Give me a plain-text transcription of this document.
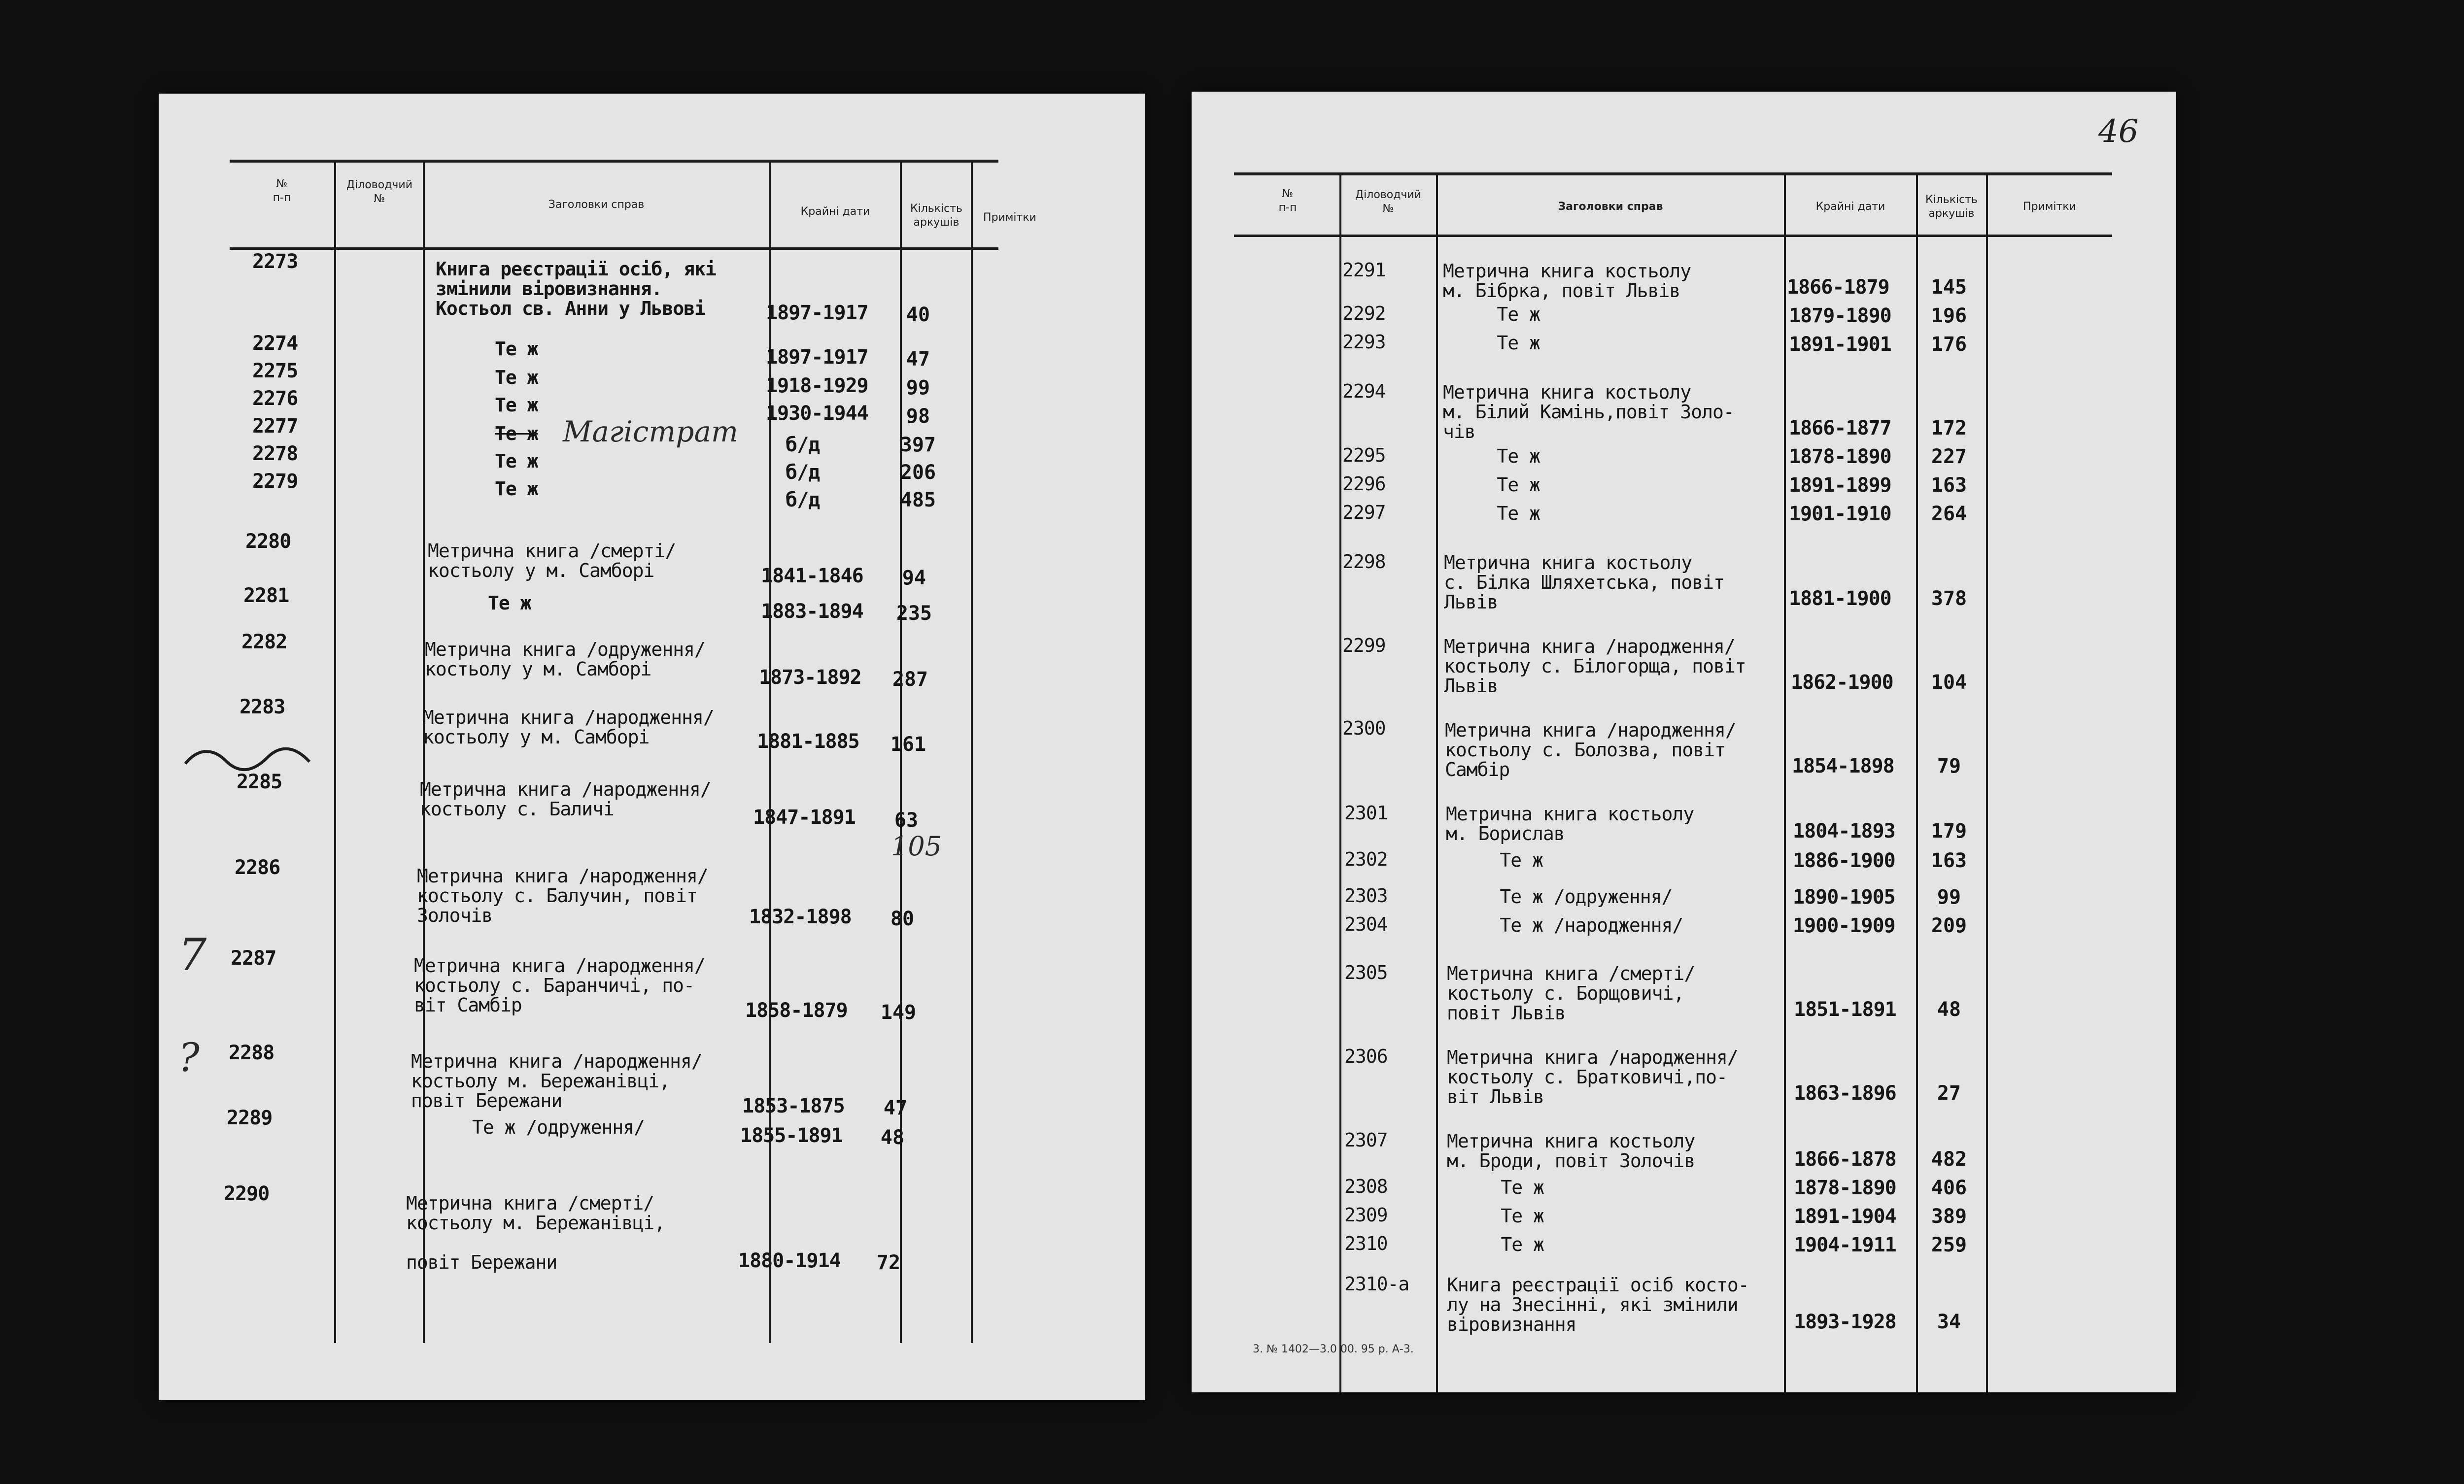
№
п-п
Діловодчий
№	Заголовки справ
Крайні дати	Кількість
аркушів	Примітки
2273	Книга реєстрації осіб, які
змінили віровизнання.
Костьол св. Анни у Львові	1897-1917	40
2274	Те ж	1897-1917	47
2275	Те ж	1918-1929	99
2276	Те ж	1930-1944	98
2277	Те ж Магістрат б/д	397
2278	Те ж	б/д	206
2279	Те ж	б/д	485
2280	Метрична книга /смерті/
костьолу у м. Самборі	1841-1846	94
2281	Те ж	1883-1894	235
2282	Метрична книга /одруження/
костьолу у м. Самборі	1873-1892	287
2283	Метрична книга /народження/
костьолу у м. Самборі	1881-1885	161
2285	Метрична книга /народження/
костьолу с. Баличі	1847-1891	63
105
2286	Метрична книга /народження/
костьолу с. Балучин, повіт
Золочів	1832-1898	80
7 2287	Метрична книга /народження/
костьолу с. Баранчичі, по-
віт Самбір	1858-1879	149
? 2288	Метрична книга /народження/
костьолу м. Бережанівці,
повіт Бережани	1853-1875	47
2289	Те ж /одруження/	1855-1891	48
2290	Метрична книга /смерті/
костьолу м. Бережанівці,

повіт Бережани	1880-1914	72
46
№
п-п
Діловодчий
№	Заголовки справ	Крайні дати
Кількість
аркушів
Примітки
2291	Метрична книга костьолу
м. Бібрка, повіт Львів	1866-1879	145
2292	Те ж	1879-1890	196
2293	Те ж	1891-1901	176
2294	Метрична книга костьолу
м. Білий Камінь,повіт Золо-
чів	1866-1877	172
2295	Те ж	1878-1890	227
2296	Те ж	1891-1899	163
2297	Те ж	1901-1910	264
2298	Метрична книга костьолу
с. Білка Шляхетська, повіт
Львів	1881-1900	378
2299	Метрична книга /народження/
костьолу с. Білогорща, повіт
Львів	1862-1900	104
2300	Метрична книга /народження/
костьолу с. Болозва, повіт
Самбір	1854-1898	79
2301	Метрична книга костьолу
м. Борислав	1804-1893	179
2302	Те ж	1886-1900	163
2303	Те ж /одруження/	1890-1905	99
2304	Те ж /народження/	1900-1909	209
2305	Метрична книга /смерті/
костьолу с. Борщовичі,
повіт Львів	1851-1891	48
2306	Метрична книга /народження/
костьолу с. Братковичі,по-
віт Львів	1863-1896	27
2307	Метрична книга костьолу
м. Броди, повіт Золочів	1866-1878	482
2308	Те ж	1878-1890	406
2309	Те ж	1891-1904	389
2310	Те ж	1904-1911	259
2310-а Книга реєстрації осіб косто-
лу на Знесінні, які змінили
віровизнання	1893-1928	34
3. № 1402—3.0 00. 95 р. А-3.
